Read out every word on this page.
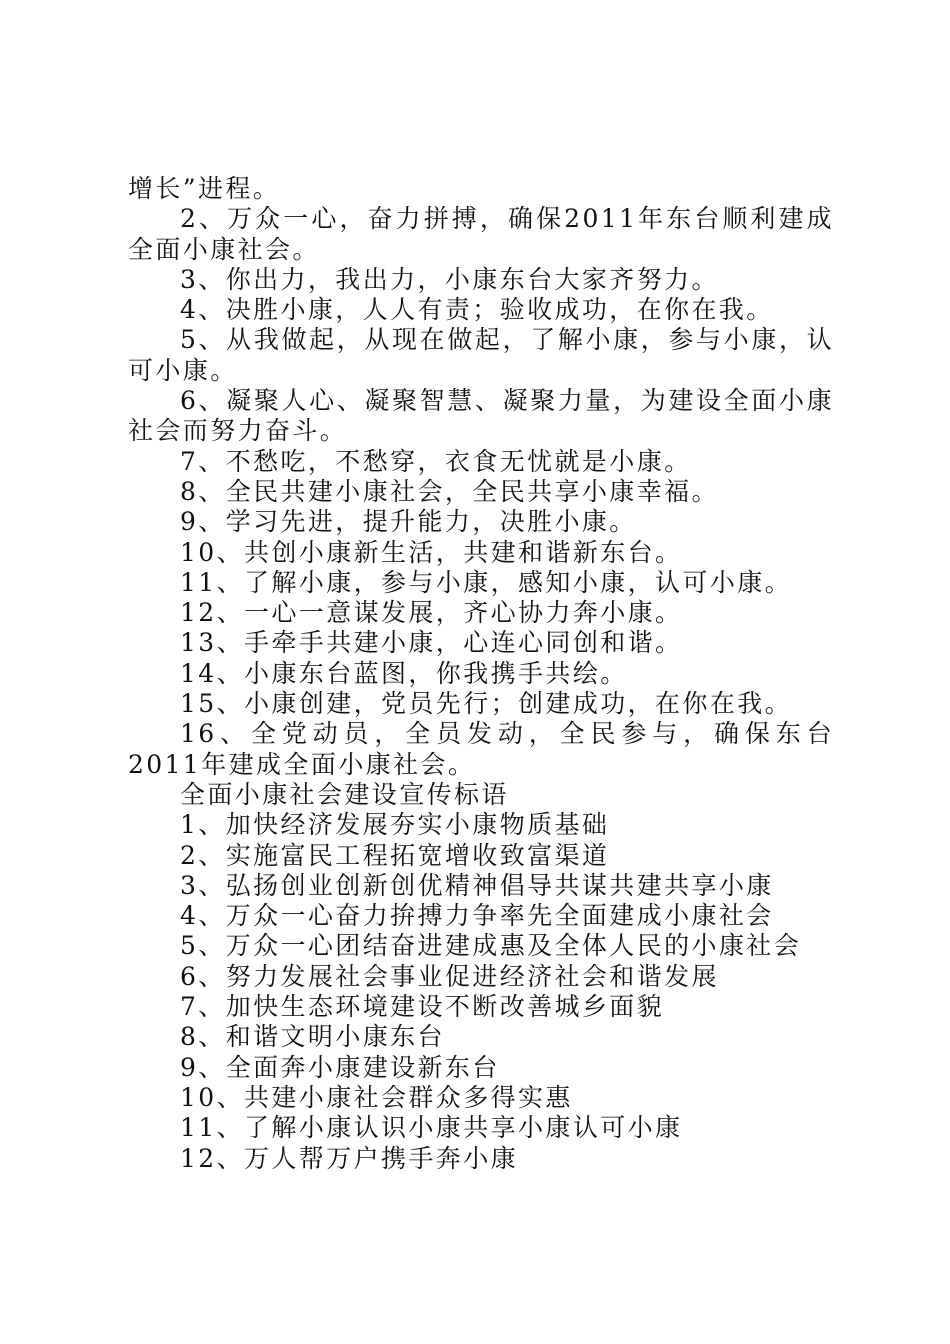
增长”进程。

2、万众一心，奋力拼搏，确保2011年东台顺利建成全面小康社会。

3、你出力，我出力，小康东台大家齐努力。

4、决胜小康，人人有责；验收成功，在你在我。

5、从我做起，从现在做起，了解小康，参与小康，认可小康。

6、凝聚人心、凝聚智慧、凝聚力量，为建设全面小康社会而努力奋斗。

7、不愁吃，不愁穿，衣食无忧就是小康。

8、全民共建小康社会，全民共享小康幸福。

9、学习先进，提升能力，决胜小康。

10、共创小康新生活，共建和谐新东台。

11、了解小康，参与小康，感知小康，认可小康。

12、一心一意谋发展，齐心协力奔小康。

13、手牵手共建小康，心连心同创和谐。

14、小康东台蓝图，你我携手共绘。

15、小康创建，党员先行；创建成功，在你在我。

16、全党动员，全员发动，全民参与，确保东台2011年建成全面小康社会。

全面小康社会建设宣传标语

1、加快经济发展夯实小康物质基础

2、实施富民工程拓宽增收致富渠道

3、弘扬创业创新创优精神倡导共谋共建共享小康

4、万众一心奋力拚搏力争率先全面建成小康社会

5、万众一心团结奋进建成惠及全体人民的小康社会

6、努力发展社会事业促进经济社会和谐发展

7、加快生态环境建设不断改善城乡面貌

8、和谐文明小康东台

9、全面奔小康建设新东台

10、共建小康社会群众多得实惠

11、了解小康认识小康共享小康认可小康

12、万人帮万户携手奔小康
